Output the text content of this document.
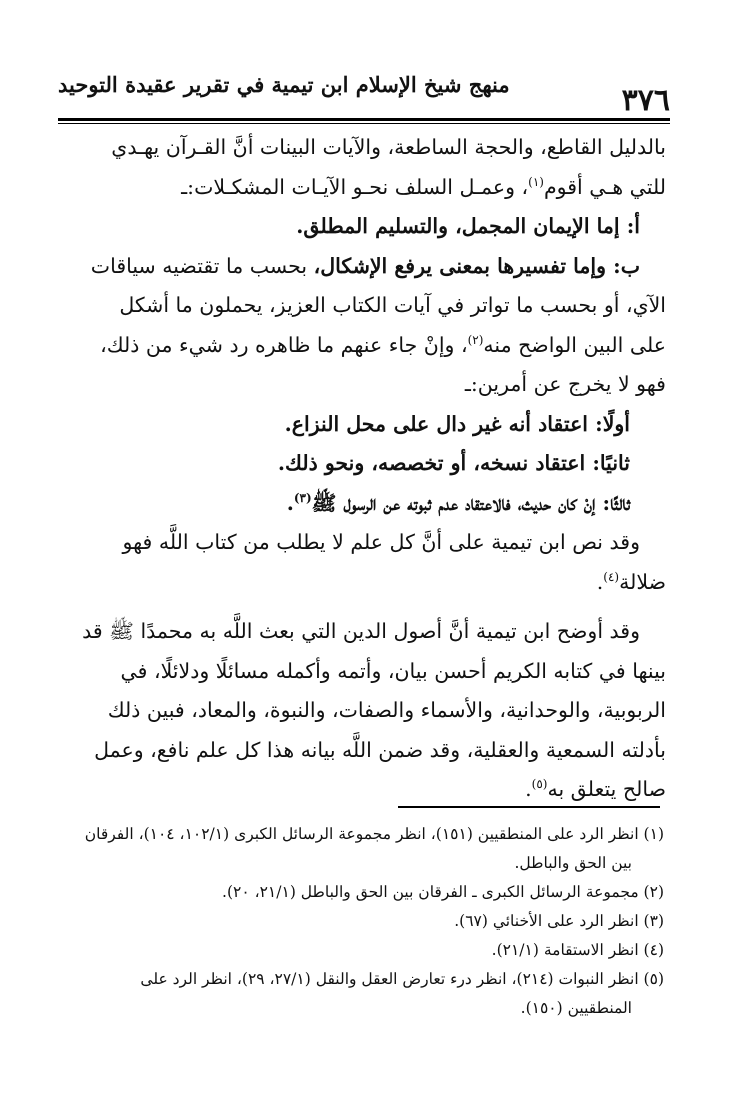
٣٧٦
منهج شيخ الإسلام ابن تيمية في تقرير عقيدة التوحيد

بالدليل القاطع، والحجة الساطعة، والآيات البينات أنَّ القـرآن يهـدي

للتي هـي أقوم$^{(١)}$، وعمـل السلف نحـو الآيـات المشكـلات:ـ

أ: إما الإيمان المجمل، والتسليم المطلق.

ب: وإما تفسيرها بمعنى يرفع الإشكال، بحسب ما تقتضيه سياقات

الآي، أو بحسب ما تواتر في آيات الكتاب العزيز، يحملون ما أشكل

على البين الواضح منه$^{(٢)}$، وإنْ جاء عنهم ما ظاهره رد شيء من ذلك،

فهو لا يخرج عن أمرين:ـ

أولًا: اعتقاد أنه غير دال على محل النزاع.

ثانيًا: اعتقاد نسخه، أو تخصصه، ونحو ذلك.

ثالثًا: إنْ كان حديث، فالاعتقاد عدم ثبوته عن الرسول ﷺ$^{(٣)}$.

وقد نص ابن تيمية على أنَّ كل علم لا يطلب من كتاب اللَّه فهو

ضلالة$^{(٤)}$.

وقد أوضح ابن تيمية أنَّ أصول الدين التي بعث اللَّه به محمدًا ﷺ قد

بينها في كتابه الكريم أحسن بيان، وأتمه وأكمله مسائلًا ودلائلًا، في

الربوبية، والوحدانية، والأسماء والصفات، والنبوة، والمعاد، فبين ذلك

بأدلته السمعية والعقلية، وقد ضمن اللَّه بيانه هذا كل علم نافع، وعمل

صالح يتعلق به$^{(٥)}$.

(١) انظر الرد على المنطقيين (١٥١)، انظر مجموعة الرسائل الكبرى (١٠٢/١، ١٠٤)، الفرقان

بين الحق والباطل.

(٢) مجموعة الرسائل الكبرى ـ الفرقان بين الحق والباطل (٢١/١، ٢٠).

(٣) انظر الرد على الأخنائي (٦٧).

(٤) انظر الاستقامة (٢١/١).

(٥) انظر النبوات (٢١٤)، انظر درء تعارض العقل والنقل (٢٧/١، ٢٩)، انظر الرد على

المنطقيين (١٥٠).
